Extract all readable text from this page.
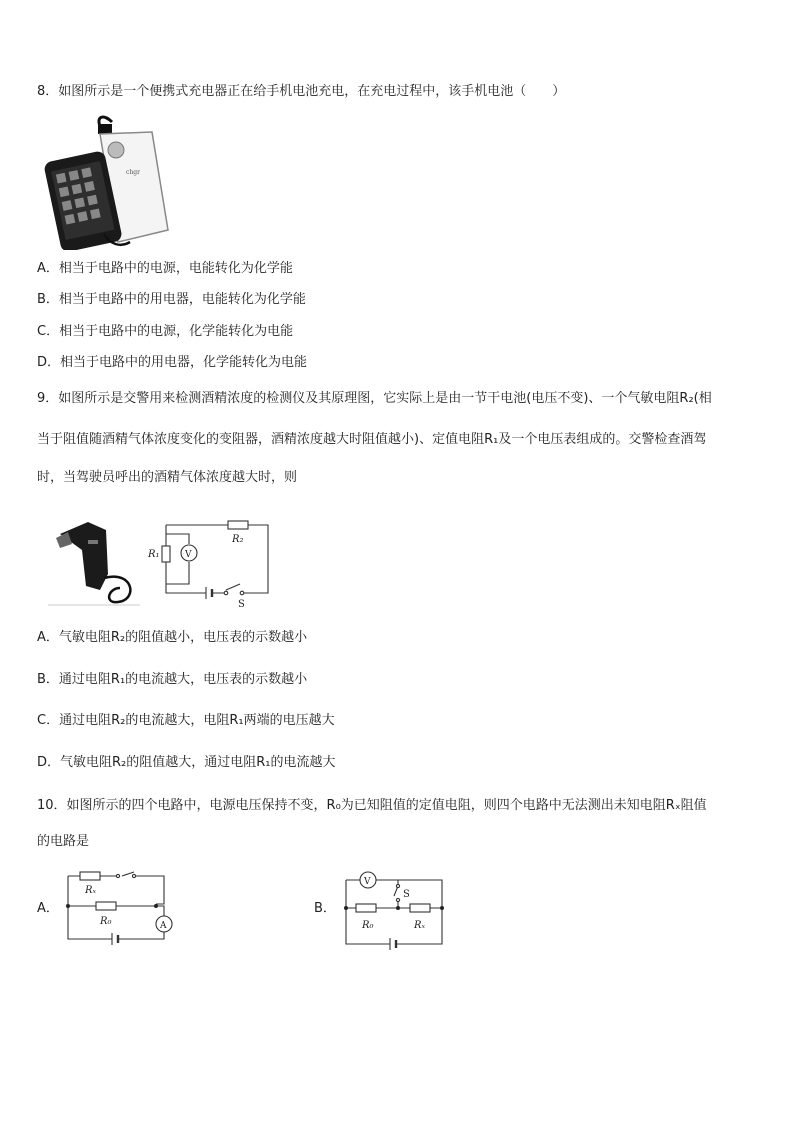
8．如图所示是一个便携式充电器正在给手机电池充电，在充电过程中，该手机电池（　　）
chgr
A．相当于电路中的电源，电能转化为化学能
B．相当于电路中的用电器，电能转化为化学能
C．相当于电路中的电源，化学能转化为电能
D．相当于电路中的用电器，化学能转化为电能
9．如图所示是交警用来检测酒精浓度的检测仪及其原理图，它实际上是由一节干电池(电压不变)、一个气敏电阻R₂(相
当于阻值随酒精气体浓度变化的变阻器，酒精浓度越大时阻值越小)、定值电阻R₁及一个电压表组成的。交警检查酒驾
时，当驾驶员呼出的酒精气体浓度越大时，则
R₁
R₂
V
S
A．气敏电阻R₂的阻值越小，电压表的示数越小
B．通过电阻R₁的电流越大，电压表的示数越小
C．通过电阻R₂的电流越大，电阻R₁两端的电压越大
D．气敏电阻R₂的阻值越大，通过电阻R₁的电流越大
10．如图所示的四个电路中，电源电压保持不变，R₀为已知阻值的定值电阻，则四个电路中无法测出未知电阻Rₓ阻值
的电路是
A．
Rₓ
R₀	A
B．
V
S
R₀	Rₓ
